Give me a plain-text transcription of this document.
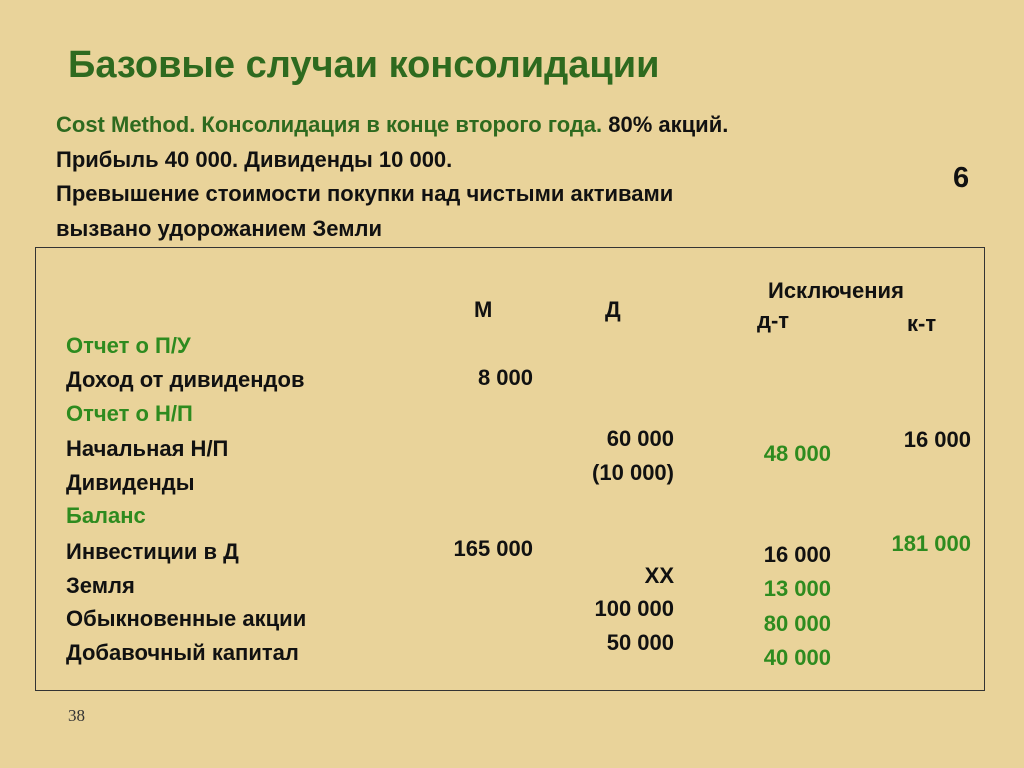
Базовые случаи консолидации
Cost Method. Консолидация в конце второго года. 80% акций.
Прибыль 40 000. Дивиденды 10 000.
Превышение стоимости покупки над чистыми активами
вызвано удорожанием Земли
6
М	Д
Исключения
д-т	к-т
Отчет о П/У
Отчет о Н/П
Баланс
Доход от дивидендов
Начальная Н/П
Дивиденды
Инвестиции в Д
Земля
Обыкновенные акции
Добавочный капитал
8 000
165 000
60 000
(10 000)
ХХ
100 000
50 000
48 000
16 000
13 000
80 000
40 000
16 000
181 000
38
